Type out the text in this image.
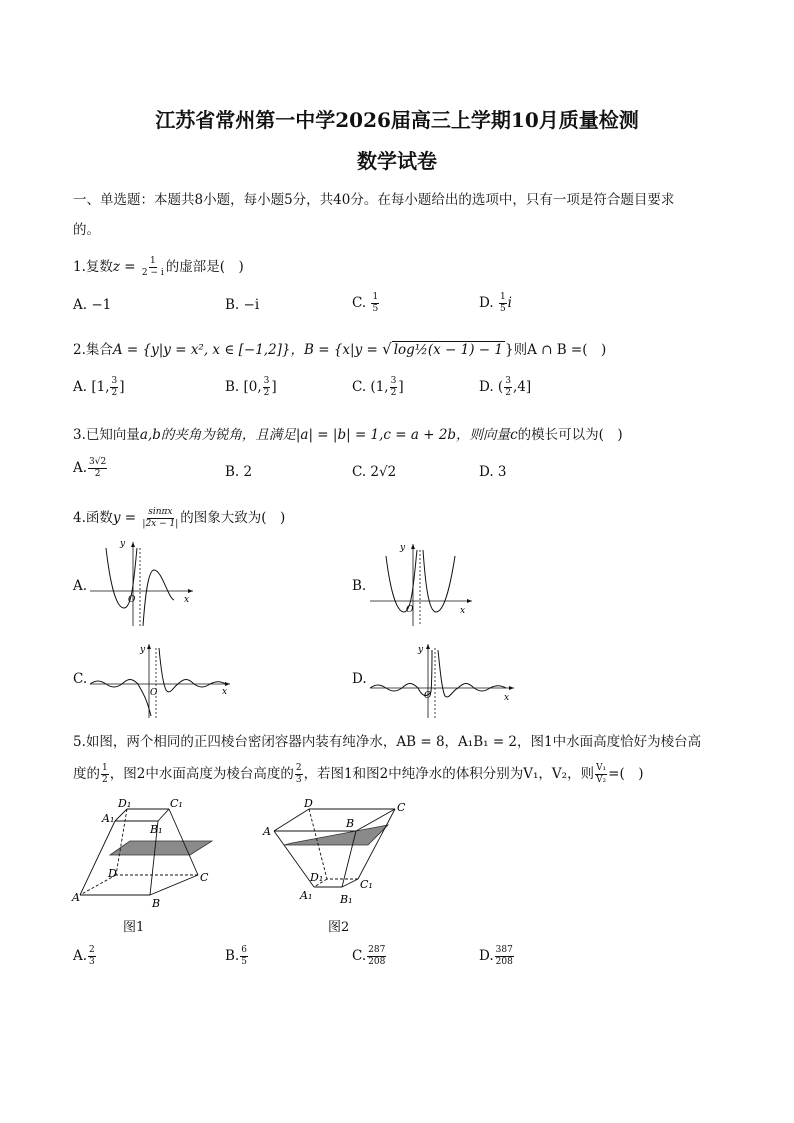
江苏省常州第一中学2026届高三上学期10月质量检测
数学试卷
一、单选题：本题共8小题，每小题5分，共40分。在每小题给出的选项中，只有一项是符合题目要求
的。
1.复数$z = \frac{1}{2 - i}$ 的虚部是(　)
A. −1	B. −i	C. $\frac{1}{5}$	D. $\frac{1}{5}$ i
2.集合A = {y|y = x², x ∈ [−1,2]}，B = {x|y = √ log½(x − 1) − 1 }则A ∩ B =(　)
A. [1, $\frac{3}{2}$ ]	B. [0, $\frac{3}{2}$ ]	C. (1, $\frac{3}{2}$ ]	D. ( $\frac{3}{2} ,4$]
3.已知向量a,b的夹角为锐角，且满足|a| = |b| = 1,c = a + 2b，则向量c的模长可以为(　)
A. $\frac{3√2}{2}$	B. 2	C. 2√2	D. 3
4.函数$y = \frac{\sin\pi x}{|2x - 1|}$ 的图象大致为(　)
A.	B.
C.	D.
y
x
O
y
x
O
y
x
O
y
x
O
5.如图，两个相同的正四棱台密闭容器内装有纯净水，AB = 8，A₁B₁ = 2，图1中水面高度恰好为棱台高
度的 $\frac{1}{2}$ ，图2中水面高度为棱台高度的 $\frac{2}{3}$ ，若图1和图2中纯净水的体积分别为V₁，V₂，则 $\frac{\text{V₁}}{\text{V₂}}$ =(　)
D₁	C₁
A₁
B₁
D	C
A	B
图1
D	C
A
B
D₁
C₁
A₁	B₁
图2
A. $\frac{2}{3}$	B. $\frac{6}{5}$	C. $\frac{287}{208}$	D. $\frac{387}{208}$
